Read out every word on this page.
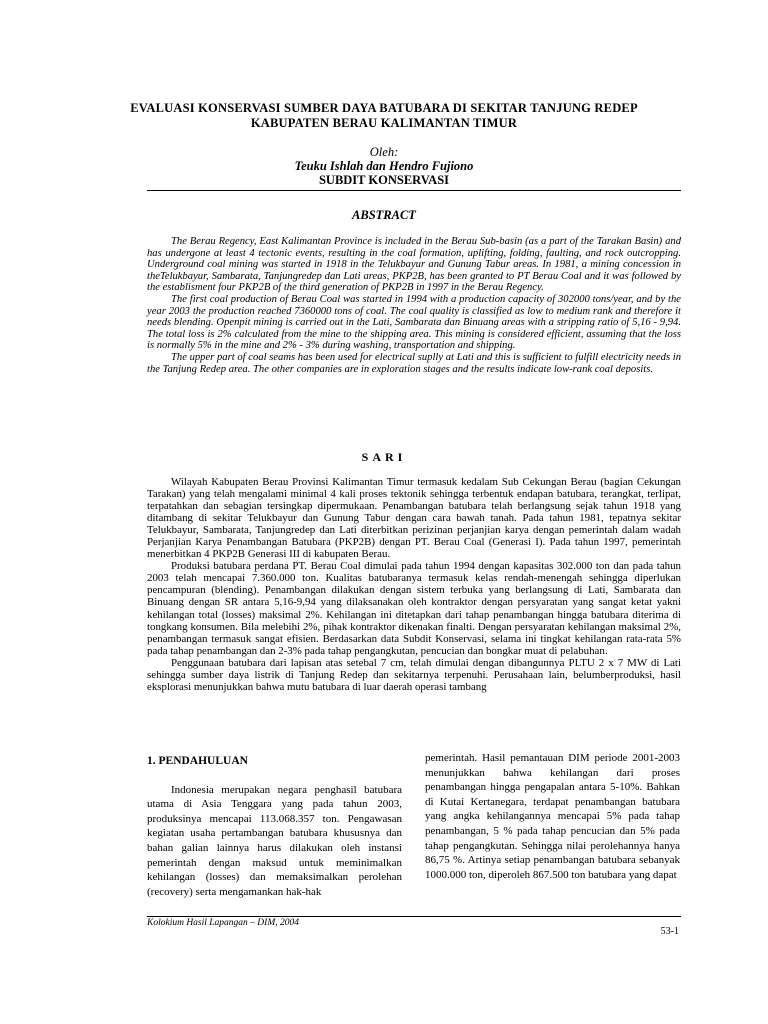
EVALUASI KONSERVASI SUMBER DAYA BATUBARA DI SEKITAR TANJUNG REDEP
KABUPATEN BERAU KALIMANTAN TIMUR
Oleh:
Teuku Ishlah dan Hendro Fujiono
SUBDIT KONSERVASI
ABSTRACT

The Berau Regency, East Kalimantan Province is included in the Berau Sub-basin (as a part of the Tarakan Basin) and has undergone at least 4 tectonic events, resulting in the coal formation, uplifting, folding, faulting, and rock outcropping. Underground coal mining was started in 1918 in the Telukbayur and Gunung Tabur areas. In 1981, a mining concession in theTelukbayur, Sambarata, Tanjungredep dan Lati areas, PKP2B, has been granted to PT Berau Coal and it was followed by the establisment four PKP2B of the third generation of PKP2B in 1997 in the Berau Regency.

The first coal production of Berau Coal was started in 1994 with a production capacity of 302000 tons/year, and by the year 2003 the production reached 7360000 tons of coal. The coal quality is classified as low to medium rank and therefore it needs blending. Openpit mining is carried out in the Lati, Sambarata dan Binuang areas with a stripping ratio of 5,16 - 9,94. The total loss is 2% calculated from the mine to the shipping area. This mining is considered efficient, assuming that the loss is normally 5% in the mine and 2% - 3% during washing, transportation and shipping.

The upper part of coal seams has been used for electrical suplly at Lati and this is sufficient to fulfill electricity needs in the Tanjung Redep area. The other companies are in exploration stages and the results indicate low-rank coal deposits.

SARI

Wilayah Kabupaten Berau Provinsi Kalimantan Timur termasuk kedalam Sub Cekungan Berau (bagian Cekungan Tarakan) yang telah mengalami minimal 4 kali proses tektonik sehingga terbentuk endapan batubara, terangkat, terlipat, terpatahkan dan sebagian tersingkap dipermukaan. Penambangan batubara telah berlangsung sejak tahun 1918 yang ditambang di sekitar Telukbayur dan Gunung Tabur dengan cara bawah tanah. Pada tahun 1981, tepatnya sekitar Telukbayur, Sambarata, Tanjungredep dan Lati diterbitkan perizinan perjanjian karya dengan pemerintah dalam wadah Perjanjian Karya Penambangan Batubara (PKP2B) dengan PT. Berau Coal (Generasi I). Pada tahun 1997, pemerintah menerbitkan 4 PKP2B Generasi III di kabupaten Berau.

Produksi batubara perdana PT. Berau Coal dimulai pada tahun 1994 dengan kapasitas 302.000 ton dan pada tahun 2003 telah mencapai 7.360.000 ton. Kualitas batubaranya termasuk kelas rendah-menengah sehingga diperlukan pencampuran (blending). Penambangan dilakukan dengan sistem terbuka yang berlangsung di Lati, Sambarata dan Binuang dengan SR antara 5,16-9,94 yang dilaksanakan oleh kontraktor dengan persyaratan yang sangat ketat yakni kehilangan total (losses) maksimal 2%. Kehilangan ini ditetapkan dari tahap penambangan hingga batubara diterima di tongkang konsumen. Bila melebihi 2%, pihak kontraktor dikenakan finalti. Dengan persyaratan kehilangan maksimal 2%, penambangan termasuk sangat efisien. Berdasarkan data Subdit Konservasi, selama ini tingkat kehilangan rata-rata 5% pada tahap penambangan dan 2-3% pada tahap pengangkutan, pencucian dan bongkar muat di pelabuhan.

Penggunaan batubara dari lapisan atas setebal 7 cm, telah dimulai dengan dibangunnya PLTU 2 x 7 MW di Lati sehingga sumber daya listrik di Tanjung Redep dan sekitarnya terpenuhi. Perusahaan lain, belumberproduksi, hasil eksplorasi menunjukkan bahwa mutu batubara di luar daerah operasi tambang

1. PENDAHULUAN

Indonesia merupakan negara penghasil batubara utama di Asia Tenggara yang pada tahun 2003, produksinya mencapai 113.068.357 ton. Pengawasan kegiatan usaha pertambangan batubara khususnya dan bahan galian lainnya harus dilakukan oleh instansi pemerintah dengan maksud untuk meminimalkan kehilangan (losses) dan memaksimalkan perolehan (recovery) serta mengamankan hak-hak

pemerintah. Hasil pemantauan DIM periode 2001-2003 menunjukkan bahwa kehilangan dari proses penambangan hingga pengapalan antara 5-10%. Bahkan di Kutai Kertanegara, terdapat penambangan batubara yang angka kehilangannya mencapai 5% pada tahap penambangan, 5 % pada tahap pencucian dan 5% pada tahap pengangkutan. Sehingga nilai perolehannya hanya 86,75 %. Artinya setiap penambangan batubara sebanyak 1000.000 ton, diperoleh 867.500 ton batubara yang dapat

Kolokium Hasil Lapangan – DIM, 2004
53-1
